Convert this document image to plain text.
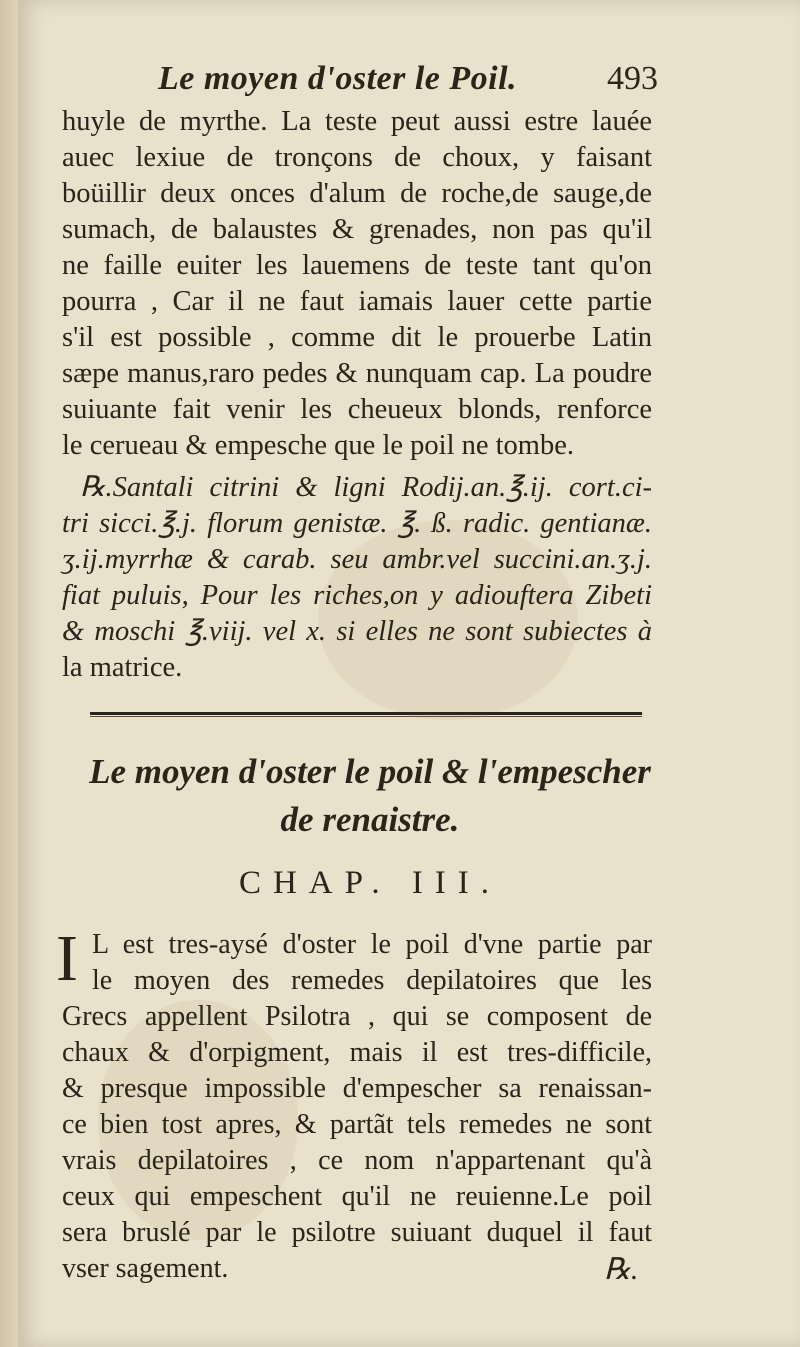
Le moyen d'oster le Poil.	493
huyle de myrthe. La teste peut aussi estre lauée
auec lexiue de tronçons de choux, y faisant
boüillir deux onces d'alum de roche,de sauge,de
sumach, de balaustes & grenades, non pas qu'il
ne faille euiter les lauemens de teste tant qu'on
pourra , Car il ne faut iamais lauer cette partie
s'il est possible , comme dit le prouerbe Latin
sæpe manus,raro pedes & nunquam cap. La poudre
suiuante fait venir les cheueux blonds, renforce
le cerueau & empesche que le poil ne tombe.
℞.Santali citrini & ligni Rodij.an.℥.ij. cort.ci-
tri sicci.℥.j. florum genistæ. ℥. ß. radic. gentianæ.
ʒ.ij.myrrhæ & carab. seu ambr.vel succini.an.ʒ.j.
fiat puluis, Pour les riches,on y adiouftera Zibeti
& moschi ℥.viij. vel x. si elles ne sont subiectes à
la matrice.
Le moyen d'oster le poil & l'empescher
de renaistre.
CHAP. III.
I L est tres-aysé d'oster le poil d'vne partie par
le moyen des remedes depilatoires que les
Grecs appellent Psilotra , qui se composent de
chaux & d'orpigment, mais il est tres-difficile,
& presque impossible d'empescher sa renaissan-
ce bien tost apres, & partãt tels remedes ne sont
vrais depilatoires , ce nom n'appartenant qu'à
ceux qui empeschent qu'il ne reuienne.Le poil
sera bruslé par le psilotre suiuant duquel il faut
vser sagement.	℞.
